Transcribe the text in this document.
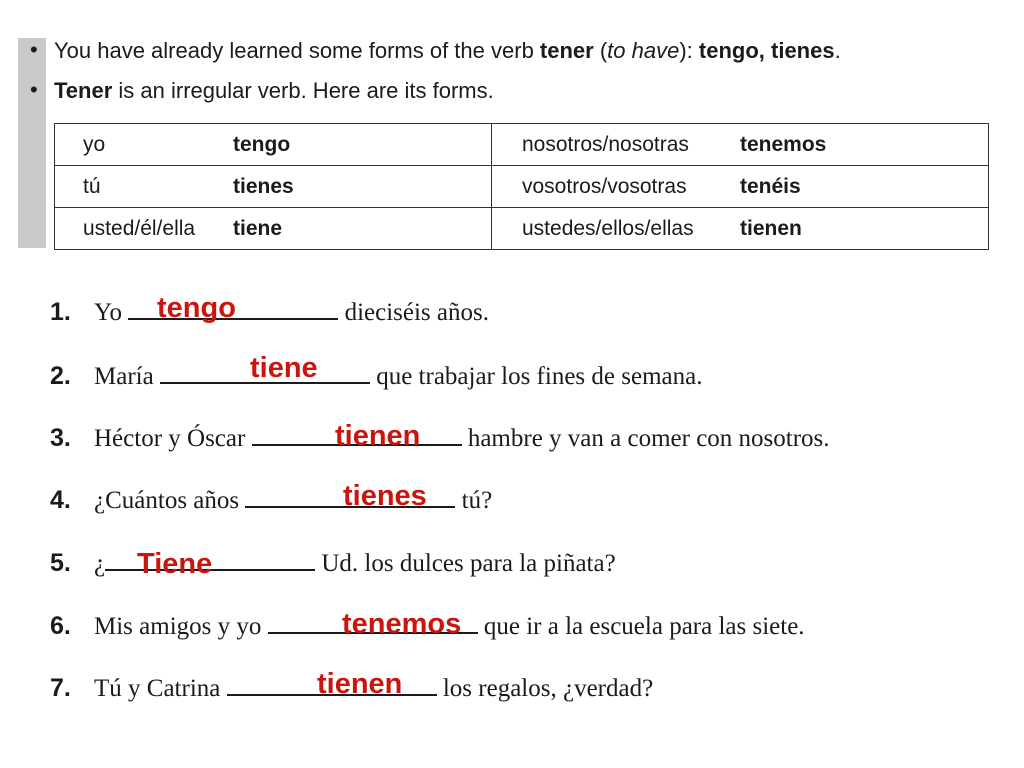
• You have already learned some forms of the verb tener (to have): tengo, tienes.
• Tener is an irregular verb. Here are its forms.
yo	tengo	nosotros/nosotras	tenemos
tú	tienes	vosotros/vosotras	tenéis
usted/él/ella	tiene	ustedes/ellos/ellas	tienen
1. Yo	dieciséis años.
tengo
2. María	que trabajar los fines de semana.
tiene
3. Héctor y Óscar	hambre y van a comer con nosotros.
tienen
4. ¿Cuántos años	tú?
tienes
5. ¿	Ud. los dulces para la piñata?
Tiene
6. Mis amigos y yo	que ir a la escuela para las siete.
tenemos
7. Tú y Catrina	los regalos, ¿verdad?
tienen
